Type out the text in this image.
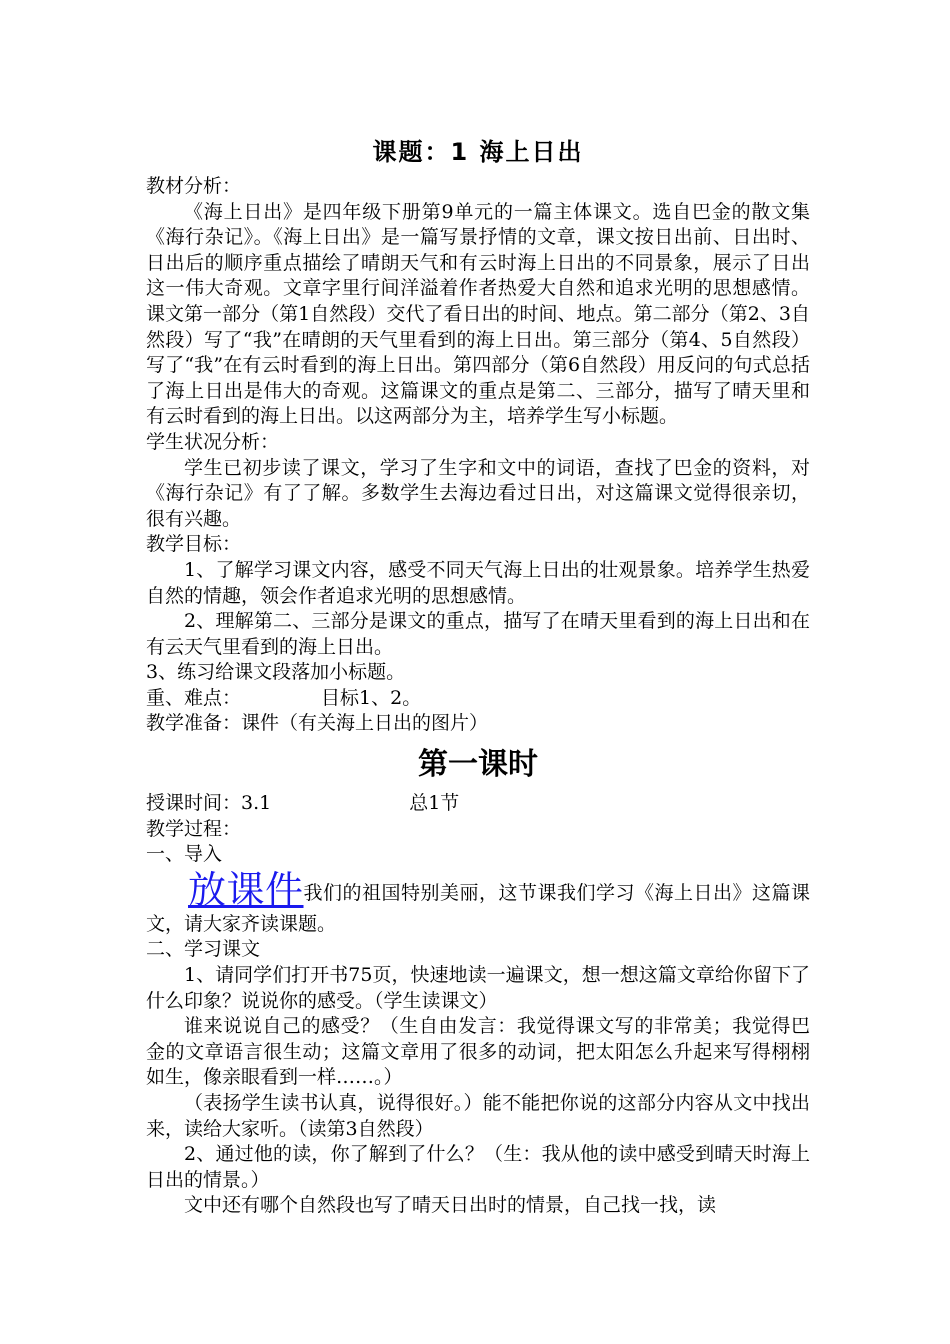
课题：1 海上日出

教材分析：

《海上日出》是四年级下册第9单元的一篇主体课文。选自巴金的散文集《海行杂记》。《海上日出》是一篇写景抒情的文章，课文按日出前、日出时、日出后的顺序重点描绘了晴朗天气和有云时海上日出的不同景象，展示了日出这一伟大奇观。文章字里行间洋溢着作者热爱大自然和追求光明的思想感情。课文第一部分（第1自然段）交代了看日出的时间、地点。第二部分（第2、3自然段）写了“我”在晴朗的天气里看到的海上日出。第三部分（第4、5自然段）写了“我”在有云时看到的海上日出。第四部分（第6自然段）用反问的句式总括了海上日出是伟大的奇观。这篇课文的重点是第二、三部分，描写了晴天里和有云时看到的海上日出。以这两部分为主，培养学生写小标题。

学生状况分析：

学生已初步读了课文，学习了生字和文中的词语，查找了巴金的资料，对《海行杂记》有了了解。多数学生去海边看过日出，对这篇课文觉得很亲切，很有兴趣。

教学目标：

1、了解学习课文内容，感受不同天气海上日出的壮观景象。培养学生热爱自然的情趣，领会作者追求光明的思想感情。

2、理解第二、三部分是课文的重点，描写了在晴天里看到的海上日出和在有云天气里看到的海上日出。

3、练习给课文段落加小标题。

重、难点：	目标1、2。

教学准备：课件（有关海上日出的图片）

第一课时
授课时间：3.1	总1节

教学过程：

一、导入

放课件我们的祖国特别美丽，这节课我们学习《海上日出》这篇课文，请大家齐读课题。

二、学习课文

1、请同学们打开书75页，快速地读一遍课文，想一想这篇文章给你留下了什么印象？说说你的感受。（学生读课文）

谁来说说自己的感受？（生自由发言：我觉得课文写的非常美；我觉得巴金的文章语言很生动；这篇文章用了很多的动词，把太阳怎么升起来写得栩栩如生，像亲眼看到一样……。）

（表扬学生读书认真，说得很好。）能不能把你说的这部分内容从文中找出来，读给大家听。（读第3自然段）

2、通过他的读，你了解到了什么？（生：我从他的读中感受到晴天时海上日出的情景。）

文中还有哪个自然段也写了晴天日出时的情景，自己找一找，读
